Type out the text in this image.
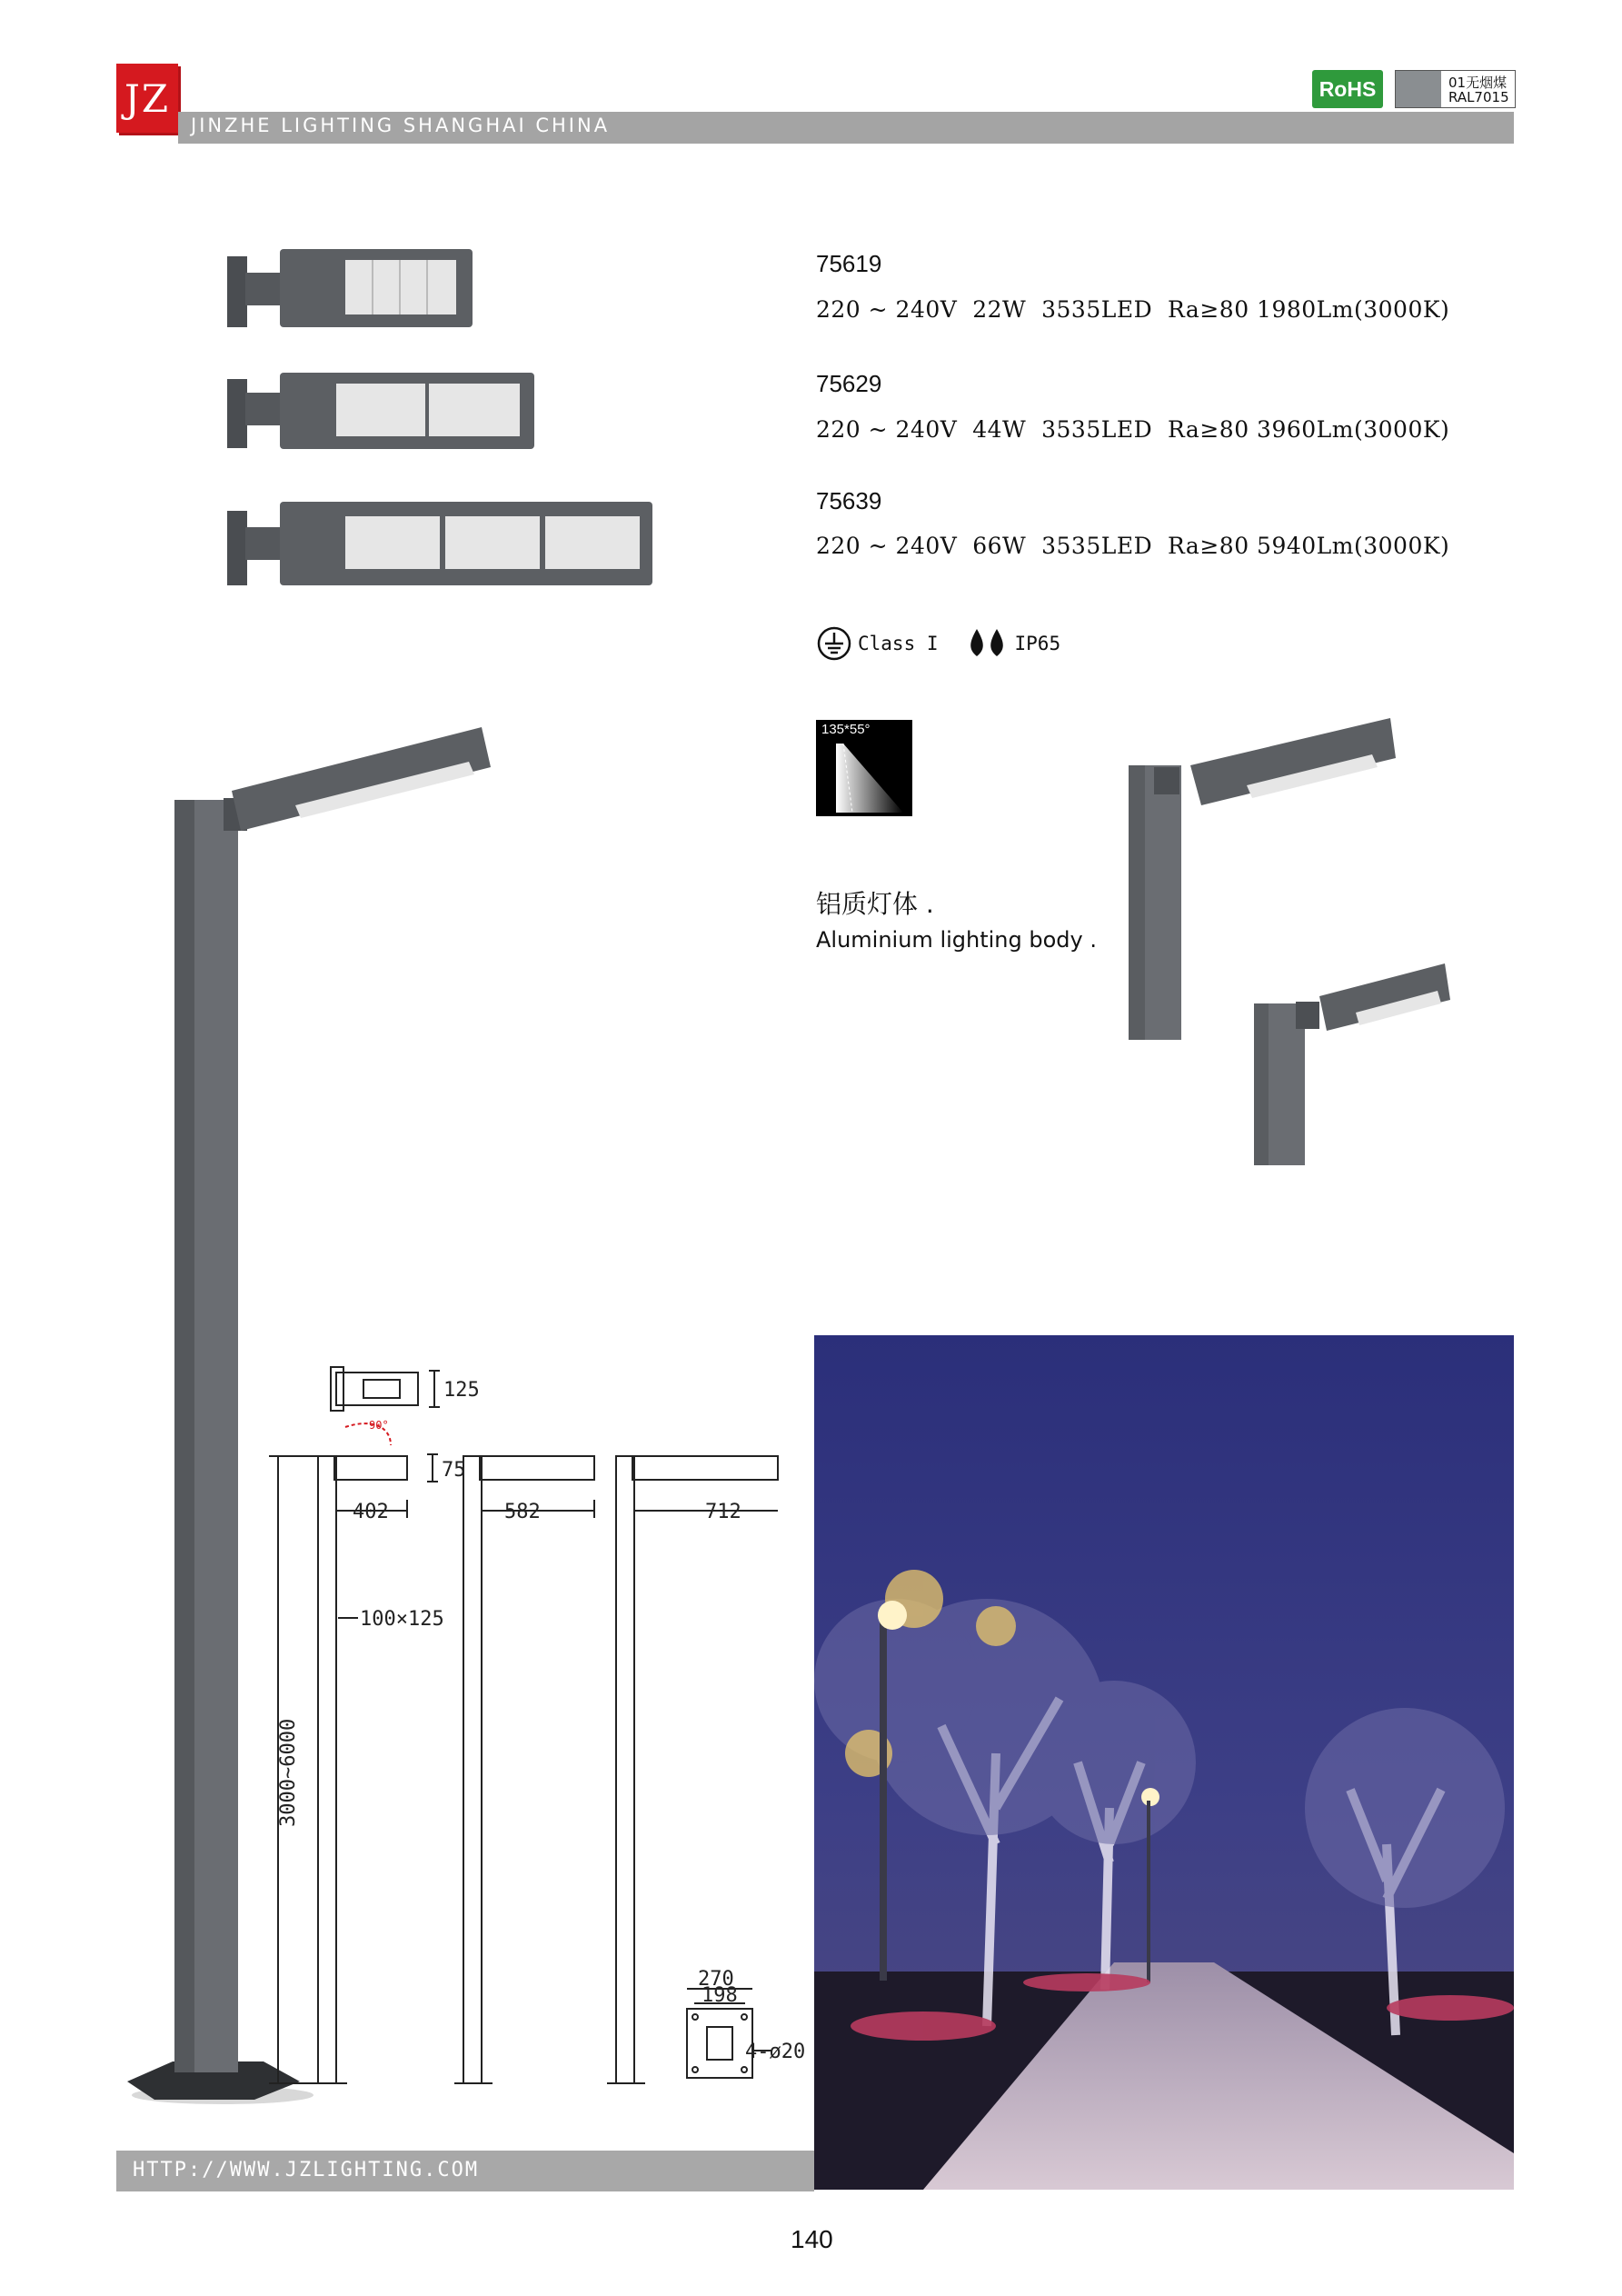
JZ
JINZHE LIGHTING SHANGHAI CHINA
RoHS	01无烟煤
RAL7015
75619
220 ~ 240V  22W  3535LED  Ra≥80 1980Lm(3000K)
75629
220 ~ 240V  44W  3535LED  Ra≥80 3960Lm(3000K)
75639
220 ~ 240V  66W  3535LED  Ra≥80 5940Lm(3000K)
Class I	IP65
135*55°
铝质灯体 .
Aluminium lighting body .
125
90°
75
402
100×125
582	712
3000~6000
270
198
4-ø20
HTTP://WWW.JZLIGHTING.COM
140
